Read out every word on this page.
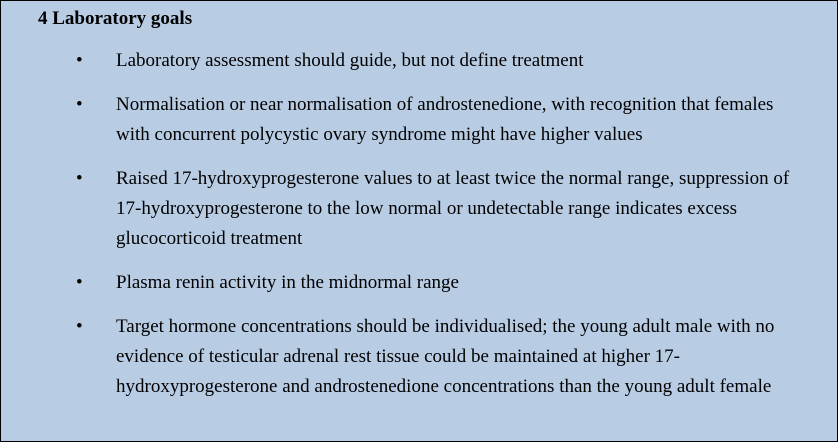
4 Laboratory goals
• Laboratory assessment should guide, but not define treatment
• Normalisation or near normalisation of androstenedione, with recognition that females with concurrent polycystic ovary syndrome might have higher values
• Raised 17-hydroxyprogesterone values to at least twice the normal range, suppression of 17-hydroxyprogesterone to the low normal or undetectable range indicates excess glucocorticoid treatment
• Plasma renin activity in the midnormal range
• Target hormone concentrations should be individualised; the young adult male with no evidence of testicular adrenal rest tissue could be maintained at higher 17-hydroxyprogesterone and androstenedione concentrations than the young adult female
